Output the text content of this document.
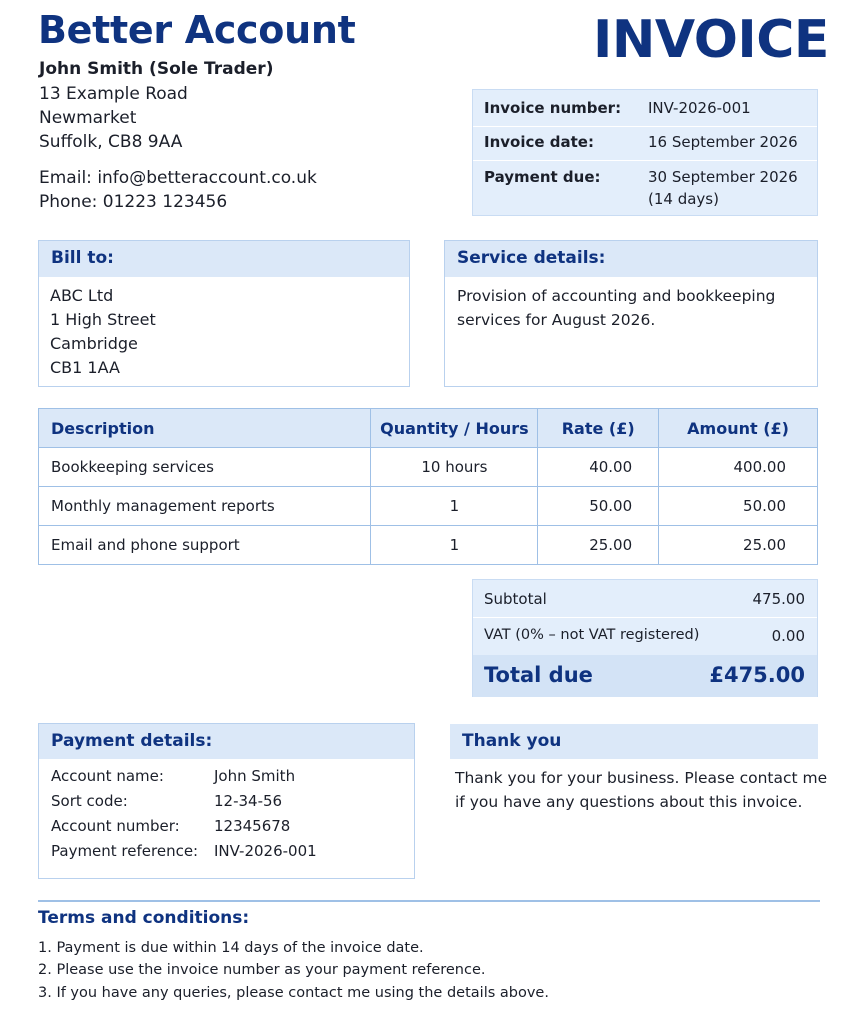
Better Account	INVOICE
John Smith (Sole Trader)
13 Example Road
Newmarket
Suffolk, CB8 9AA
Email: info@betteraccount.co.uk
Phone: 01223 123456
Invoice number: INV-2026-001
Invoice date:	16 September 2026
Payment due:	30 September 2026
(14 days)
Bill to:
ABC Ltd
1 High Street
Cambridge
CB1 1AA
Service details:
Provision of accounting and bookkeeping
services for August 2026.
Description	Quantity / Hours	Rate (£)	Amount (£)
Bookkeeping services	10 hours	40.00	400.00
Monthly management reports	1	50.00	50.00
Email and phone support	1	25.00	25.00
Subtotal	475.00
VAT (0% – not VAT registered)	0.00
Total due	£475.00
Payment details:
Account name:	John Smith
Sort code:	12-34-56
Account number: 12345678
Payment reference: INV-2026-001
Thank you
Thank you for your business. Please contact me
if you have any questions about this invoice.
Terms and conditions:
1. Payment is due within 14 days of the invoice date.
2. Please use the invoice number as your payment reference.
3. If you have any queries, please contact me using the details above.
